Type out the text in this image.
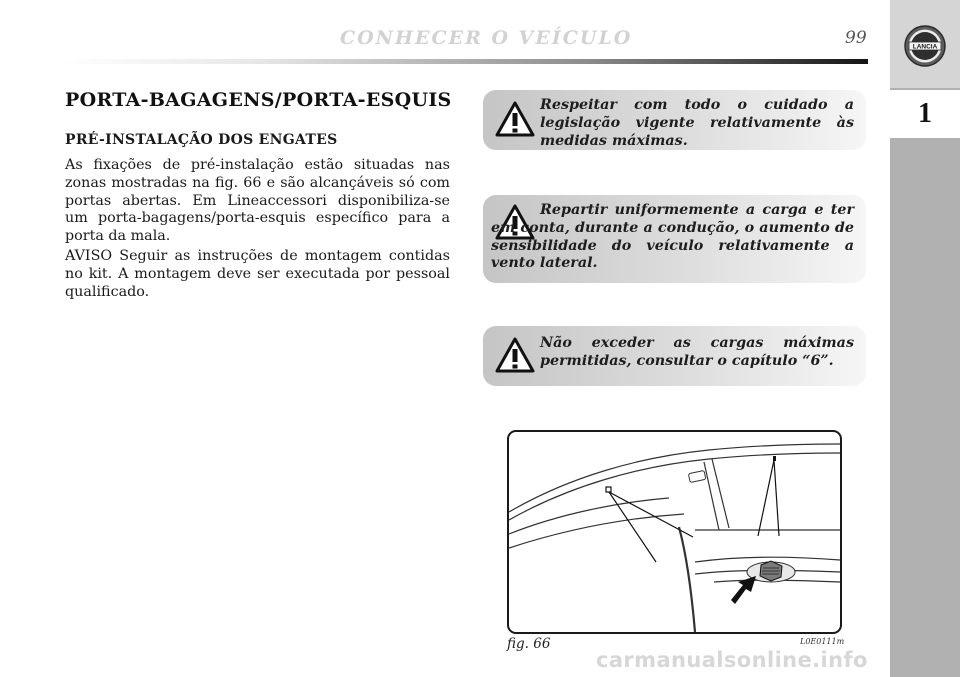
CONHECER O VEÍCULO	99	LANCIA
1
PORTA-BAGAGENS/PORTA-ESQUIS
PRÉ-INSTALAÇÃO DOS ENGATES

As fixações de pré-instalação estão situadas nas zonas mostradas na fig. 66 e são alcançáveis só com portas abertas. Em Lineaccessori disponibiliza-se um porta-bagagens/porta-esquis específico para a porta da mala.

AVISO Seguir as instruções de montagem contidas no kit. A montagem deve ser executada por pessoal qualificado.

Respeitar com todo o cuidado a legislação vigente relativamente às medidas máximas.
Repartir uniformemente a carga e ter em conta, durante a condução, o aumento de sensibilidade do veículo relativamente a vento lateral.
Não exceder as cargas máximas permitidas, consultar o capítulo “6”.
fig. 66	L0E0111m
carmanualsonline.info
